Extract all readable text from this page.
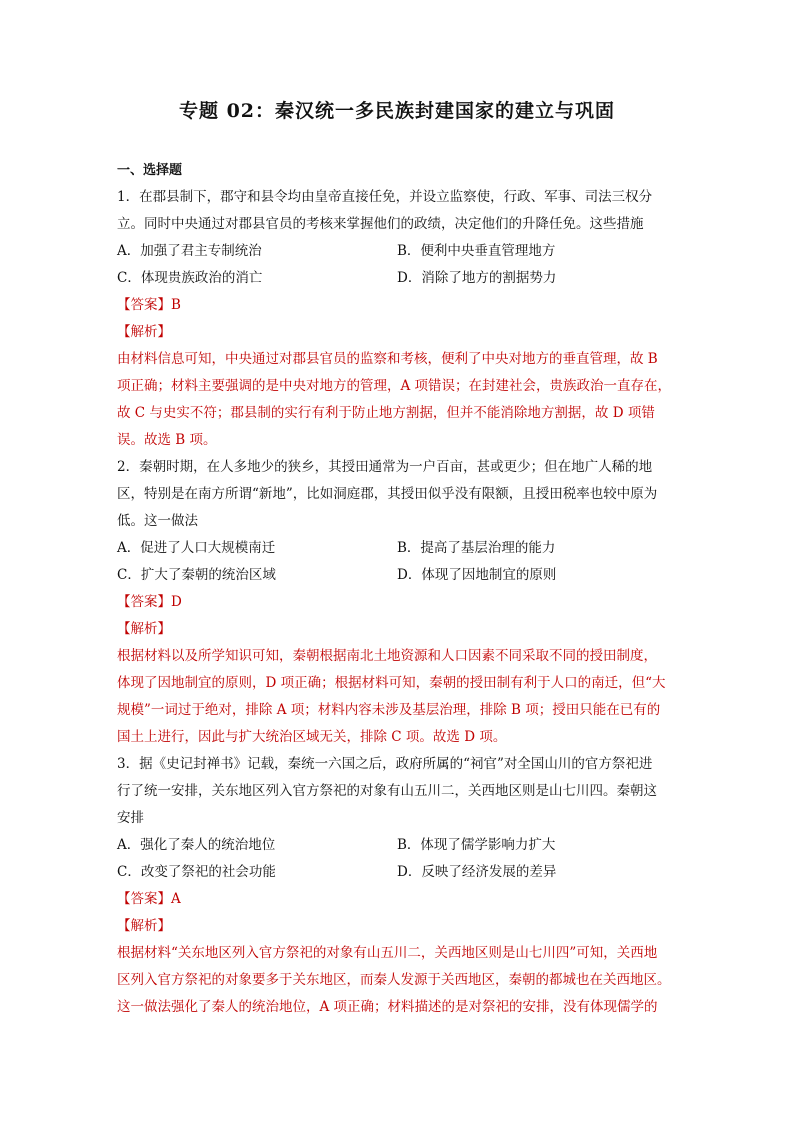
专题 02：秦汉统一多民族封建国家的建立与巩固
一、选择题
1．在郡县制下，郡守和县令均由皇帝直接任免，并设立监察使，行政、军事、司法三权分
立。同时中央通过对郡县官员的考核来掌握他们的政绩，决定他们的升降任免。这些措施
A．加强了君主专制统治	B．便利中央垂直管理地方
C．体现贵族政治的消亡	D．消除了地方的割据势力
【答案】B
【解析】
由材料信息可知，中央通过对郡县官员的监察和考核，便利了中央对地方的垂直管理，故 B
项正确；材料主要强调的是中央对地方的管理，A 项错误；在封建社会，贵族政治一直存在，
故 C 与史实不符；郡县制的实行有利于防止地方割据，但并不能消除地方割据，故 D 项错
误。故选 B 项。
2．秦朝时期，在人多地少的狭乡，其授田通常为一户百亩，甚或更少；但在地广人稀的地
区，特别是在南方所谓“新地”，比如洞庭郡，其授田似乎没有限额，且授田税率也较中原为
低。这一做法
A．促进了人口大规模南迁	B．提高了基层治理的能力
C．扩大了秦朝的统治区域	D．体现了因地制宜的原则
【答案】D
【解析】
根据材料以及所学知识可知，秦朝根据南北土地资源和人口因素不同采取不同的授田制度，
体现了因地制宜的原则，D 项正确；根据材料可知，秦朝的授田制有利于人口的南迁，但“大
规模”一词过于绝对，排除 A 项；材料内容未涉及基层治理，排除 B 项；授田只能在已有的
国土上进行，因此与扩大统治区域无关，排除 C 项。故选 D 项。
3．据《史记封禅书》记载，秦统一六国之后，政府所属的“祠官”对全国山川的官方祭祀进
行了统一安排，关东地区列入官方祭祀的对象有山五川二，关西地区则是山七川四。秦朝这
安排
A．强化了秦人的统治地位	B．体现了儒学影响力扩大
C．改变了祭祀的社会功能	D．反映了经济发展的差异
【答案】A
【解析】
根据材料“关东地区列入官方祭祀的对象有山五川二，关西地区则是山七川四”可知，关西地
区列入官方祭祀的对象要多于关东地区，而秦人发源于关西地区，秦朝的都城也在关西地区。
这一做法强化了秦人的统治地位，A 项正确；材料描述的是对祭祀的安排，没有体现儒学的
